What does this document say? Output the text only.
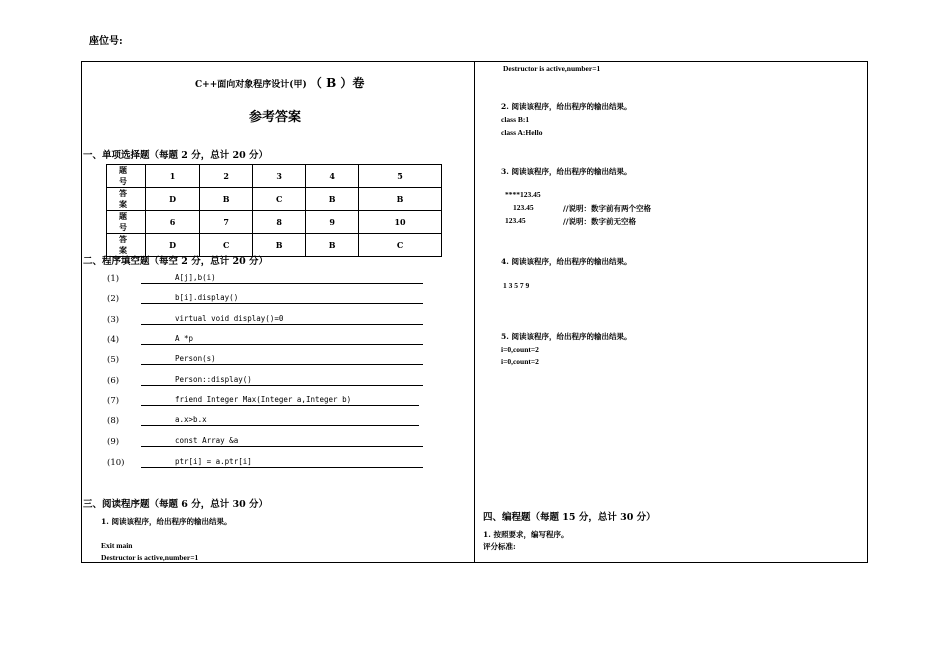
座位号:
C++面向对象程序设计(甲) （ B ）卷
参考答案
一、单项选择题（每题 2 分，总计 20 分）
题　号	1	2	3	4	5
答　案	D	B	C	B	B
题　号	6	7	8	9	10
答　案	D	C	B	B	C
二、程序填空题（每空 2 分，总计 20 分）
(1)	A[j],b(i)
(2)	b[i].display()
(3)	virtual void display()=0
(4)	A *p
(5)	Person(s)
(6)	Person::display()
(7)	friend Integer Max(Integer a,Integer b)
(8)	a.x>b.x
(9)	const Array &a
(10)	ptr[i] = a.ptr[i]
三、阅读程序题（每题 6 分，总计 30 分）
1. 阅读该程序，给出程序的输出结果。
Exit main
Destructor is active,number=1
Destructor is active,number=1
2. 阅读该程序，给出程序的输出结果。
class B:1
class A:Hello
3. 阅读该程序，给出程序的输出结果。
****123.45
123.45	//说明：数字前有两个空格
123.45	//说明：数字前无空格
4. 阅读该程序，给出程序的输出结果。
1 3 5 7 9
5. 阅读该程序，给出程序的输出结果。
i=0,count=2
i=0,count=2
四、编程题（每题 15 分，总计 30 分）
1. 按照要求，编写程序。
评分标准:
